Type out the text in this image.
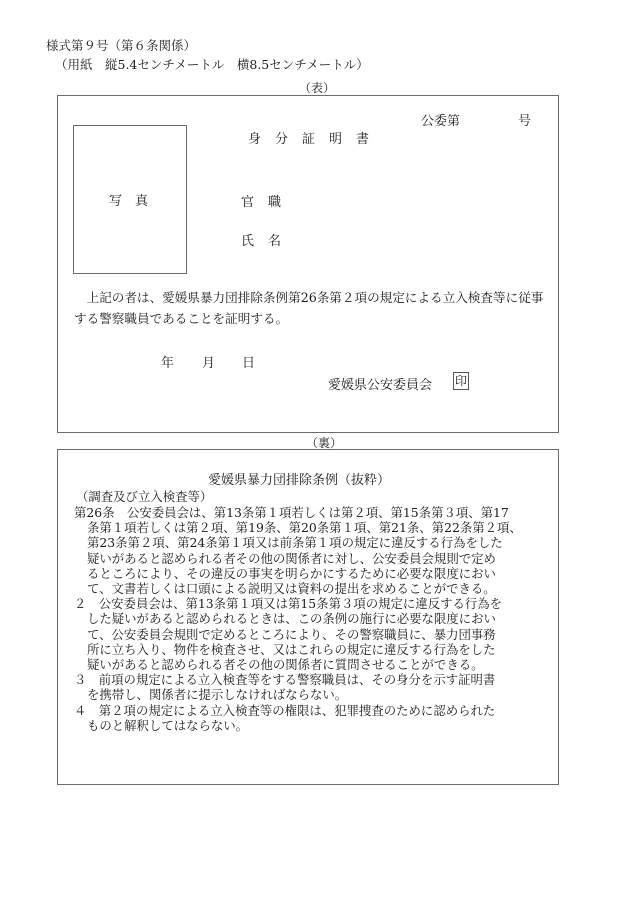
様式第９号（第６条関係）
（用紙　縦5.4センチメートル　横8.5センチメートル）
（表）
公委第	号
身分証明書
写　真	官職
氏名
上記の者は、愛媛県暴力団排除条例第26条第２項の規定による立入検査等に従事する警察職員であることを証明する。
年 月 日
愛媛県公安委員会 印
（裏）
愛媛県暴力団排除条例（抜粋）
（調査及び立入検査等）
第26条　公安委員会は、第13条第１項若しくは第２項、第15条第３項、第17
条第１項若しくは第２項、第19条、第20条第１項、第21条、第22条第２項、
第23条第２項、第24条第１項又は前条第１項の規定に違反する行為をした
疑いがあると認められる者その他の関係者に対し、公安委員会規則で定め
るところにより、その違反の事実を明らかにするために必要な限度におい
て、文書若しくは口頭による説明又は資料の提出を求めることができる。
２　公安委員会は、第13条第１項又は第15条第３項の規定に違反する行為を
した疑いがあると認められるときは、この条例の施行に必要な限度におい
て、公安委員会規則で定めるところにより、その警察職員に、暴力団事務
所に立ち入り、物件を検査させ、又はこれらの規定に違反する行為をした
疑いがあると認められる者その他の関係者に質問させることができる。
３　前項の規定による立入検査等をする警察職員は、その身分を示す証明書
を携帯し、関係者に提示しなければならない。
４　第２項の規定による立入検査等の権限は、犯罪捜査のために認められた
ものと解釈してはならない。
